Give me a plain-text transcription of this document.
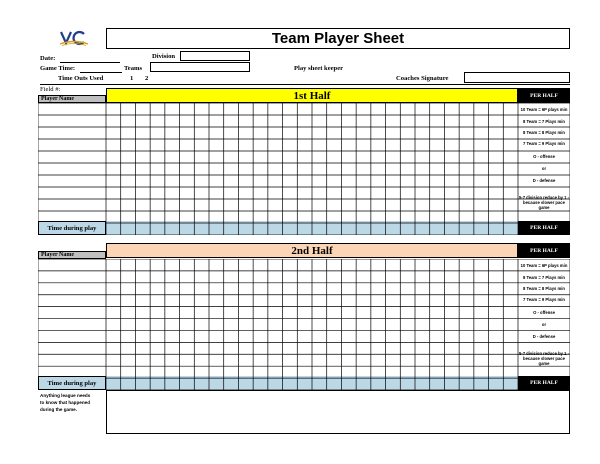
Team Player Sheet
Date:	Division
Game Time:	Teams	Play sheet keeper
Time Outs Used	1 2	Coaches Signature
Field #:
Player Name	1st Half	PER HALF
Time during play	PER HALF
10 Team = 6P plays min
8 Team = 7 Plays min
8 Team = 8 Plays min
7 Team = 9 Plays min
O - offense
or
D - defense
5-7 division reduce by 1 - because slower pace game
2nd Half	PER HALF
Player Name
Time during play	PER HALF
10 Team = 6P plays min
8 Team = 7 Plays min
8 Team = 8 Plays min
7 Team = 9 Plays min
O - offense
or
D - defense
5-7 division reduce by 1 - because slower pace game
Anything league needs
to know that happened
during the game.
